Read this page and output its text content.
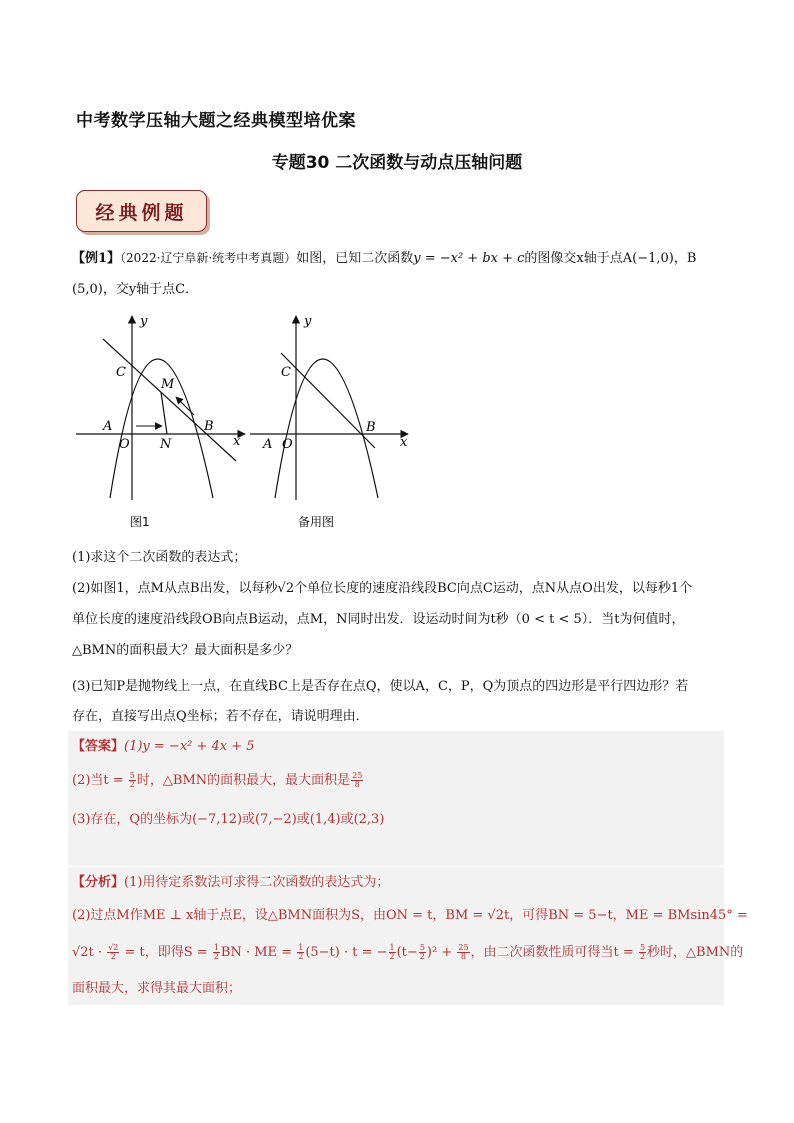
中考数学压轴大题之经典模型培优案
专题30 二次函数与动点压轴问题
经典例题
【例1】（2022·辽宁阜新·统考中考真题）如图，已知二次函数y = −x² + bx + c的图像交x轴于点A(−1,0)，B
(5,0)，交y轴于点C．
y
x
C
M
A	B
O N
图1
y
x
C
A O
B
备用图
(1)求这个二次函数的表达式；
(2)如图1，点M从点B出发，以每秒√2个单位长度的速度沿线段BC向点C运动，点N从点O出发，以每秒1个
单位长度的速度沿线段OB向点B运动，点M，N同时出发．设运动时间为t秒（0 < t < 5）．当t为何值时，
△BMN的面积最大？最大面积是多少？
(3)已知P是抛物线上一点，在直线BC上是否存在点Q，使以A，C，P，Q为顶点的四边形是平行四边形？若
存在，直接写出点Q坐标；若不存在，请说明理由．
【答案】(1)y = −x² + 4x + 5
(2)当$t = \frac{5}{2}$ 时，△BMN的面积最大，最大面积是 $\frac{25}{8}$
(3)存在，Q的坐标为(−7,12)或(7,−2)或(1,4)或(2,3)
【分析】(1)用待定系数法可求得二次函数的表达式为；
(2)过点M作ME ⊥ x轴于点E，设△BMN面积为S，由ON = t，BM = √2t，可得BN = 5−t，ME = BMsin45° =
$√2t \cdot \frac{√2}{2} = t$，即得$S = \frac{1}{2}$ BN · ME = $\frac{1}{2} (5-t) \cdot t$ = − $\frac{1}{2} (t- \frac{5}{2} )^2 + \frac{25}{8}$ ，由二次函数性质可得当$t = \frac{5}{2}$ 秒时，△BMN的
面积最大，求得其最大面积；
